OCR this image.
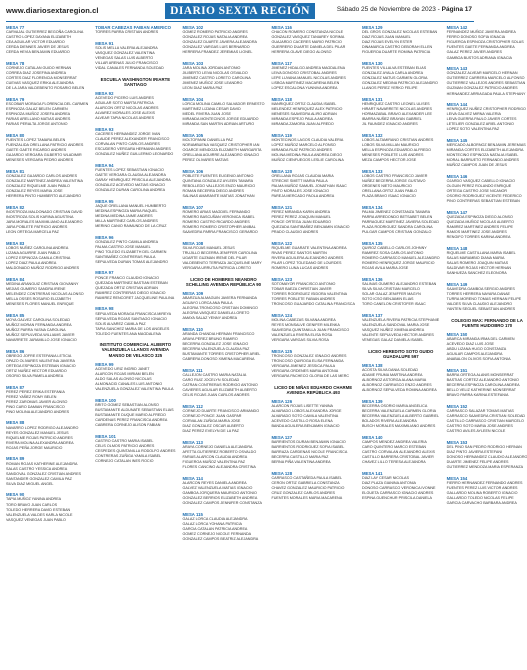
www.diariosextaregion.cl	DIARIO SEXTA REGIÓN	Sábado 25 de Noviembre de 2023 - Página 17
MESA 77
CARVAJAL GUTIERREZ BEGOÑA CAROLINA
CASTRO LOPEZ DAYANA ELIZABETH
CEA AGUILAR VICTOR EDUARDO
CERDA DIENNES JAVIER DE JESUS
CERDA HEVIA BENJAMIN EDUARDO
MESA 78
CORNEJO CATALAN GUIDO HERNAN
CORREA DIAZ JOSEFINA ANDREA
CORTES DIAZ FLORENCIA MONSERRAT
CUEVAS VASQUEZ ERIKA ALEJANDRA
DE LA JARA VALDEBENITO ROSARIO BELEN
MESA 79
ESCOBAR MORAGA FLORENCIA DEL CARMEN
ESPINOZA GALAZ BELEN CARMEN
ESPINOZA MUÑOZ JOSEFA ANDREA
FARIAS ARELLANO MATIAS ANDRES
FARIAS PERALTA JORGE ANTONIO
MESA 80
FUENTES LOPEZ TAMARA BELEN
FUENZALIDA ORELLANA PATRICIO ANDRES
GAETE GAETE RICARDO ANDRES
GAJARDO VERGARA GILBERTO WLADIMIR
MENESES VERGARA PEDRO ANDRES
MESA 81
GONZALEZ GAJARDO CARLOS ANDRES
GONZALEZ MARTINEZ ANDREA VALENTINA
GONZALEZ RIQUELME JUAN PABLO
GONZALEZ REYES MARIA JOSE
HERRERA PINTO HUMBERTO ALEJANDRO
MESA 82
INOSTROZA MALDONADO CRISTIAN DAVID
INOSTROZA SOLIS KARINA AGUSTINA
JARA MORALES MAXIMILIANO ALEJANDRO
JARA POBLETE PATRICIO ANDRES
LEON ORTEGA MARCELA PAZ
MESA 83
LOBOS NUÑEZ CAROLINA ANDREA
LIZANA AGUIRRE JUAN PABLO
LOPEZ ESPINOZA CAMILA CRISTINA
LOPEZ DIAZ PAULA ANDREA
MALDONADO MUÑOZ RODRIGO ANDRES
MESA 84
MEDINA ARANGUIZ CRISTIAN GIOVANNY
MEJIAS GUMERO SANDRA IRENE
MELENDEZ CONTRERAS NICOLAS ALONSO
MELLA OSSES ROSARIO ELIZABETH
MENESES FLORES MANUEL ENRIQUE
MESA 85
MOYA GALVEZ CAROLINA SOLEDAD
MUÑOZ MORAN FERNANDA ANDREA
MUÑOZ PARRA YASNA CAROLINA
MUÑOZ SEPULVEDA WILLIAMS JAVIER
NAVARRETE JARAMILLO JOSE IGNACIO
MESA 86
OBREGO JOFRE ESTEFANIA LETICIA
OPAZO OLIVARES VALENTINA JAVIERA
ORTEGA ESPINOZA ESTEBAN IGNACIO
ORTIZ NUÑEZ HECTOR EDUARDO
OSORIO SILVA PAMELA ANDREA
MESA 87
PEREZ PEREZ ERIKA ESTEFANIA
PEREZ YAÑEZ ROMY BELEN
PEREZ ZAROMAS JAVIER ALONSO
PINO CARO DAMIAN FRANCISCO
PINO MOLINA ALEJANDRO ANDRES
MESA 88
NAVARRO LOPEZ RODRIGO ALEJANDRO
REYES GONZALEZ MANUEL JESUS
RIQUELME ROJAS PATRICIO ANDRES
RIVERA MOLINA ALEXANDRA ANDREA
ROJAS PEÑA JORGE MAURICIO
MESA 89
ROMAN ROJAS KATHERINE ALEJANDRA
SALAS CASTRO YESSICA ANDREA
SANDOVAL GONZALEZ CRISTIAN ANDRES
SANTANDER GONZALEZ CAMILA PAZ
SILVA DIAZ MIGUEL ANGEL
MESA 90
TAPIA MUÑOZ YANINA ANDREA
TORO BRAVO JUAN CARLOS
TOLEDO HERRERA DAVID ESTEBAN
VALENZUELA VALDES KARLA NICOLE
VASQUEZ VENEGAS JUAN PABLO
TOBAR CABEZAS FABIAN AMERICO
TORRES PARRA CRISTIAN ANDRES
MESA 91
SOLIS MELLA VALERIA ALEJANDRA
VASQUEZ GONZALEZ VALENTINA
VENEGAS SALAS LUIS ALBERTO
VILLAR ARENAS JULIO FRANCISCO
VIDAL CANALES FERNANDA SOLEDAD
ESCUELA WASHINGTON IRIARTE SANTIAGO
MESA 92
ACEVEDO PICERO LUIS ANDRES
AGUILAR SOTO MARTA PATRICIA
ALARCON ORTIZ NICOLAS ANDRES
ALVAREZ MORALES JOSE ALEXIS
ALVEAR TAPIA NICOLAS ANDRES
MESA 93
CACERES HERNANDEZ JORGE IVAN
CLAUDE PEREZ ALEXANDER FRANCISCO
CORVALAN PINTO CARLOS ANDRES
ESCUDERO VERGARA HERMANN ANDRES
GONZALEZ NUÑEZ GUILLERMO LEONARDO
MESA 94
FUENTES LOPEZ SEBASTIAN IGNACIO
GAETE VERGARA CLAUDIA ALEJANDRA
GARAY HENRIQUEZ PRISCILA ALEJANDRA
GONZALEZ ACEVEDO MATIAS IGNACIO
GONZALEZ DURAN CAROLINA ANDREA
MESA 95
JAQUE ORELLANA MANUEL HUMBERTO
MEDINA ESPINOZA MARIA RAQUEL
MEDINA MEDINA JAIME ANDRES
MILLA MARTINEZ CARLOS ANDRES
MERINO CANIO RAIMUNDO DE LA CRUZ
MESA 96
GONZALEZ PINTO CAMILA ANDREA
PALMA CASTRO JOSE MANUEL
PINO TOLEDO ELIZABETH DEL CARMEN
SANTIBAÑEZ CONTRERAS PAULA
SEPULVEDA DURAN TOMAS ALEJANDRO
MESA 97
PONCE FRANCO CLAUDIO IGNACIO
QUEZADA MARTINEZ BASTIAN ESTEBAN
QUEZADA ORTIZ CRISTIAN ADRIAN
RAMIREZ CONTRERAS DIEGO IGNACIO
RAMIREZ RENCORET JACQUELINE PAULINA
MESA 98
SEPULVEDA MORAGA FRANCISCA MIREYA
SEPULVEDA ROJAS SANTIAGO IGNACIO
SOLIS ALVAREZ CAMILA PAZ
TAPIA SANCHEZ MARIA DE LOS ANGELES
TOLEDO FUENTES ANA MAGDALENA
INSTITUTO COMERCIAL ALBERTO VALENZUELA LLANOS AVENIDA MANSO DE VELASCO 325
MESA 99
ACEVEDO URIZ INGRID JANET
ALARCON ROJAS MIRIAM BELEN
ALDO SALAS ALONSO NICOLAS
ALMONACID CANALES LUIS ANTONIO
VALENZUELA GONZALEZ VALENTINA PAULA
MESA 100
BRITO GOMEZ SEBASTIAN ALONSO
BUSTAMANTE ALDUNATE SEBASTIAN ELIAS
BUSTAMANTE DUQUE MARIO ALFREDO
CARDENAS PEREZ FRANCISCA ANDREA
CABRERA CORNEJO ALISON FABIAN
MESA 101
CASTRO CASTRO MARIA ISABEL
CELIS OLMOS PATRICIO ANDRES
CESPEDES QUINTANILLA RODOLFO ANDRES
CONTRERAS ZUÑIGA YAMILA ISABEL
CORNEJO CATALAN INES ROCIO
MESA 102
GOMEZ ROMERO PATRICIO ANDRES
GONZALEZ ROJAS NATALIA ANDREA
GONZALEZ DUARTE JAVIERA ALEJANDRA
GONZALEZ VARGAS LUIS BERNARDO
HERRERA FRANDEZ JEREMIAS LIONEL
MESA 103
JARA MOLINA JORDAN ANTONIO
JILIBERTO LEIVA NICOLAS OSVALDO
JIMENEZ CASTRO LORETO CAROLINA
JIMENEZ MUÑOZ JOSE LEANDRO
LEON DIAZ MARIA PAZ
MESA 104
LORCA MOLINA CAMILO SALVADOR ERNESTO
MARTINEZ LIZANA CESAR DAVID
MEDEL RIVERA JUAN JOSE
MIRANDA MONTECINOS JORGE EDUARDO
MIRANDA SAN MARTIN ADRIAN ARTURO
MESA 105
MOLTOPANNI DANIELLA PAZ
NORAMBUENA VASQUEZ CRISTOPHER IAN
OGARCE MENDOZA ELIZABETH MARGARITA
ORELLANA AGUIRRE ALEJANDRO IGNACIO
PEREZ OLIVARES MATIAS
MESA 106
POBLETE FUENTES EUGENIO ANTONIO
QUINTANA GONZALEZ AYLEEN TAMARA
REBOLLEDO VALLEJOS ENZO MAURICIO
ROMAN BECERRA DIEGO ANDRES
SALINAS AMARANTE MATIAS JONATHAN
MESA 107
ROMERO ARIAS MAGDIEL FERNANDO
ROMERO BASCUÑAN VERONICA ISABEL
ROMERO CASTRO RICARDO ANDRES
ROMERO ROMERO CRISTOPHER ANIBAL
SAAVEDRA PARRA FRANCISCO GERARDO
MESA 108
SILVA ROJAS MANUEL JESUS
TRUJILLO BECERRA JENIFFER CAROLINA
UGARTE GUZMAN IRENE DEL PILAR
VALDEBENITO TERRAZA JACQUELINE MARY
VERGARA URRUTIA PATRICIA LORETO
LICEO DE HOMBRES NEANDRO SCHILLING AVENIDA REPÚBLICA 90
MESA 109
ABARZUA ALMAGUIN JAVIERA FERNANDA
AGUAYO LORCA ANA PAULA
ALEGRIA TRONCOSO CRISTIAN DOMINGO
ALEGRIA VASQUEZ DANIELA LORETO
AMAYA SALAZ YENNY ANDREA
MESA 110
ARANDA CHANDIA HERNAN FRANCISCO
ARAYA PEREZ BRUNO RAMIRO
BECERRA GONZALEZ JOSE IGNACIO
BECERRA VALENZUELA CLAUDIA PAZ
BUSTAMANTE TORRES CRISTOPHER ARIEL
CABRERA DONOSO XIMENA MACARENA
MESA 111
CALLEJON CASTRO MARIA NATALIA
CARO RUIZ JOCELYN SOLEDAD
CATRAN CONTRERAS RODRIGO ANTONIO
CAVIERES AGUILAR ELIZABETH ALBERTO
CELIS ROJAS JUAN CARLOS ANDRES
MESA 112
CORNEJO DUARTE FRANCISCO ARMANDO
CORNEJO PONCE JUAN GASPAR
CORVALAN ZUÑIGA MARIA JOSE
DIAZ GONZALEZ OSCAR ALBERTO
DIAZ PEREZ EVELYN DE LA PAZ
MESA 113
ARAYA CORNEJO DANIELA ALEJANDRA
AFETTA GUTIERREZ ROBERTO OSVALDO
FARIAS ALARCON CLAUDIA ANDREA
FIGUEROA MUÑOZ VALENTINA PAZ
FLORES CANCINO ALEJANDRA CRISTINA
MESA 114
ALARCON REYES DANIELA ANDREA
GALVEZ VALENZUELA MATIAS IGNACIO
GAMBOA JORQUERA MAURICIO ANTONIO
GONZALEZ BERRIOS ELIZABETH ANDREA
GONZALEZ CAMPOS JENNIFER CONSTANZA
MESA 115
GALAZ LORCA CLAUDIA ALEJANDRA
GALAZ LORCA YOHANA PATRICIA
GARCIA CATALAN PATRICIA ANDREA
GOMEZ CORNEJO NICOLE FERNANDA
GONZALEZ CAMPOS BEATRIZ ALEJANDRA
MESA 116
CHACON ROMERO CONSTANZA NICOLE
GONZALEZ VASQUEZ TANIAREY SORIMA
GUAJARDO CACERES MARIO PATRICIO
GUERRERO DUARTE DANIELA DEL PILAR
HERRERA OLAVE DIEGO ALONSO
MESA 117
JIMENEZ HIDALGO ANDREA MAGDALENA
LEIVA DONOSO CRISTOBAL ANDRES
LEPE LUVANA MANUEL NICOLAS ANDRES
LISBOA MARTINEZ MACARENA BELEN
LOPEZ ESCALONA YUNNIVA ANDREA
MESA 118
MANRIQUEZ ORTIZ CLAUDIA ISABEL
MELENDEZ HENRIQUEZ ALEX PATRICIO
MENESES SAAVEDRA ALIRO ADRIAN
MIRANDA ESPEJO PAULA ANDREA
MIRANDA ZAMORA JUAN ALFREDO
MESA 119
MONTECINOS LAGOS CLAUDIA VALERIA
LOPEZ MUÑOZ MARCELO ALFONSO
MIRANDA RUIZ PATRICIO ANDRES
MOLINA MEDINA PAULA ANDREA DIEGO
MUÑOZ CIENFUEGOS LESLIE CAROLINA
MESA 120
ORELLANA ROJAS CLAUDIA MARIA
STRECKE SMETT MARIA PAULA
PALMA MUÑOZ SAMUEL JONATHAN ISAAC
PINTO MORALES JOSE IGNACIO
PAREJA MERCADO PAOLA ANDREA
MESA 121
PEREZ MIRANDA KARIN ANDREA
PEREZ PEREZ JOAQUIN MANUEL
PONCE ORTEGA JUAN EDUARDO
QUEZADA SANTIBAÑEZ BENJAMIN IGNACIO
PRADO CLAUDIO ANDRES
MESA 122
RIQUELME GUARATE VALENTINA ANDREA
RIVAS PEREZ SANTOS MARTIN
RIVERA AGUILERA ALEJANDRO ANDRES
PILAR LOPEZ TOLEDANO DE LOURDES
ROMERO LUNA LUCAS ANDRES
MESA 123
SOTOMAYOR FRANCISCO ANTONIO
TOBAR BAEZA CHRISTIAN JAVIER
TORRES RODRIGUEZ ISIDORA VALENTINA
TORRES POBLETE FABIAN ANDRES
TRONCOSO GUAJARDO CATALINA FRANCISCA
MESA 124
MOLINA CABEZAS SILVANA ANDREA
REYES MONSALVE GENIFER MILENKA
SAAVEDRA QUINTANILLA JUAN FRANCISCO
VALENZUELA RIVERA ELISA ROSA
VERGARA VARGAS SILVIA ROSA
MESA 125
TRONCOSO GONZALEZ IGNACIO ANDRES
TRONCOSO QUIROGA ELISA FERNANDA
VERGARA JIMENEZ JESSICA PAULA
VERGARA ORDENES MARIA ANTONIA
VERGARA PACHECO GLORIA DE LAS MERC
LICEO DE NIÑAS EDUARDO CHARME AVENIDA REPÚBLICA 493
MESA 126
ALARCON ROJAS LISETTE YANINA
ALVARADO LOBOS ALEXANDRA JORGE
ALVARADO SOTO CAMILA VALENTINA
ACEVEDO CASTILLO ROSA ELENA
BANDA AGUILERA BENJAMIN IGNACIO
MESA 127
BARRIENTOS DURAN BENJAMIN IGNACIO
BARRIENTOS RODRIGUEZ SOFIA ISABEL
BARRAZA CARDENAS NICOLE FRANCISCA
BECERRA CASTILLO MARIA PAZ
BERNA PIÑA VALENTINA ANDREA
MESA 128
CARRASCO CASTAÑEDA PAULA ISABEL
CERON ORTIZ GABRIELA CONSTANZA
CHAVEZ GONZALEZ MAURICIO PATRICIO
CRUZ GONZALEZ CARLOS ANDRES
FUENTES MORALES MARIA MACARENA
MESA 129
DEL GROS GONZALEZ NICOLAS ESTEBAN
DIAZ ROJAS JUAN MANUEL
DIAZ ROJAS EVELYN ESTER
DINAMARCA CASTRO DEBORAH ELLEN
FIGUEROA DUARTE ROMINA PATRICIA
MESA 130
FUENTES VILLALVA ESTEBAN ELIAS
GONZALEZ AYALA CARLA ANDREA
GONZALEZ MATUS CARMEN GLORIA
GONZALEZ MEDINA PATRICIO ALEJANDRO
LLANOS PEREZ YERKO FELIPE
MESA 131
HENRIQUEZ CASTRO LEONEL ULISES
HIRART NAVARRETE NICOLAS ANDRES
HORMAZABAL BRAVO ALEXANDER LEE
IBARRA NUÑEZ BRAYAN GABRIEL
JIL FAUNDEZ IGNACIO ANDRES
MESA 132
LOBOS ALTAMIRANO CRISTIAN ANDRES
LOBOS SILVA MILLAN MAURICIO
MELLA ESPINOZA EDUARDO ALFREDO
MENESES POBLETE LUIS ANDRES
MEZA CAMPOS HECTOR JOSE
MESA 133
LOBOS CASTRO FRANCISCO JAVIER
NUÑEZ BECERRA JORGE GUSTAVO
ORDENES NIETO MAURICIO
ORELLANA ORTIZ JUAN PABLO
PLAZA BRAVO ISAAC IGNACIO
MESA 134
PALMA JIMENEZ CONSTANZA TAMARA
PARRA ARREDONDO BETSABET BELEN
PARRAGUEZ MARTINEZ JAVIERA SOLEDAD
PLAZA RODRIGUEZ SANDRA CAROLINA
PULGAR CAMPOS CRISTIAN GONZALO
MESA 135
QUIROZ CABELLO CARLOS JOHNNY
RAMIREZ SOSA CARLOS ANTONIO
ROMERO CARRASCO MANUEL ALEJANDRO
ROMERO HENRIQUEZ JORGE MAURICIO
ROJAS AVILA MARIA JOSE
MESA 136
SALINAS GUMERO ALEJANDRO ESTEBAN
SILVA SILVA CRISTIAN MARCELO
SOLAR GALAZ JENIFFER MAGYN
SOTO ICSO BENJAMIN ELIAS
TORO CANELON CRISTOFER ISAAC
MESA 137
VALENZUELA RIVERA PATRICIA STEPHANIE
VALENZUELA SANDOVAL MARIA JOSE
VASQUEZ NUÑEZ XIMENA ANDREA
VALENTE SEPULVEDA HECTOR ANDRES
VENEGAS GALAZ DANIELA ISABEL
LICEO HEREDITO SOTO GUIDO GUADALUPE 597
MESA 138
ACOSTA SILVA DANIA SOLEDAD
ADAME FRUMA MARTINA ANDREA
ALBORNOZ ASTORGA ALANA MARIA
ALBORNOZ CARRASCO ENZO ANDRES
ALBORNOZ SEPULVEDA ROMINA ANDREA
MESA 139
BECERRA OSORIO MARIA ANGELICA
BECERRA VALENZUELA CARMEN GLORIA
BECERRA VALENZUELA ALBERTO GABRIEL
BOLADOS RIVERA ALEJANDRA
BUSCH MORALES MAXIMILIANO ANDRES
MESA 140
CAMPOS MENDEZ ANDREA VALERIA
CARO QUINTERO MARCO ESTEBAN
CASTRO CORVALAN ALEJANDRO ALEXIS
CASTILLO BARRERA CRISTOBAL JAVIER
CHAVEZ LILLO TERESA ALEJANDRA
MESA 141
DIAZ LAY CESAR NICOLAS
DIAZ PLAZA GIANINA ANTONIA
DONOSO CARRASCO VERONICA IVONNE
ELGUETA CARRASCO IGNACIO ANDRES
ESPINA GUENCHUR PRISCILA DANIELA
MESA 142
FERNANDEZ MUÑOZ JAVIERA ANDREA
FERRO DONOSO SOFIA IGNACIA
FIGUEROA ESPINOZA CRISTOPHER SOLAS
FUENTES GAETE FERNANDA ANDREA
GALAZ PEREZ JAVIER ANDRES
GAMBOA BUSTOS ADRIANA IGNACIA
MESA 143
GONZALEZ ALVEAR MARCELO HERNAN
GUTIERREZ CARRERA MARCELO ALFONSO
GUTIERREZ VALLEJOS ANDRES SEBASTIAN
GUZMAN GONZALEZ PATRICIO ANDRES
HERNANDEZ ARRIAGADA PAULA STEPHANY
MESA 144
HENRIQUEZ NUÑEZ CRISTOPHER RODRIGO
LEIVA GALVEZ MIRNA VALERIA
LEIVA GUERRA PAULO JAVIER CORTES
LETELIER GONZALEZ ARIEL ANTONIO
LOPEZ SOTO VALENTINA PAZ
MESA 145
MERCADO ALBORNOZ BENJAMIN JEREMIAS
MIRANDA CORTES ELIZABETH ALEJANDRA
MONTECINO ESPINOZA NATALIA ISABEL
MORAL BARRUETO FERNANDO ANDRES
MUÑOZ CAMPOS JUAN DE JESUS
MESA 146
OJARDO VASQUEZ CABELLO IGNACIO
OLGUIN PEREZ ROLANDO ENRIQUE
ORTEGA CASTRO JOSE NICANOR
OSORIO RODRIGUEZ VICENTE FEDERICO
PINO CONTRERAS SEBASTIAN ESTEBAN
MESA 147
QUEZADA ESPINOZA DIEGO ALONSO
QUEZADA MUÑOZ NICOLAS ALBERTO
RAMIREZ MARTINEZ ANDRES FELIPE
RAMOS MARTINEZ JOSE ANDRES
RENGIFO TORRES KARINA ANDREA
MESA 148
RIQUELME CASTILLANA MARIA ISABEL
SALAS MARAMBIO DIANA MARIA
SALAS ROMERO JOAQUIN MATIAS
SALDIVAR ROJAS HECTOR HERNAN
SANHUEZA SANCHEZ ELEONORA
MESA 149
SAAVEDRA GAMBOA SERGIO ANDRES
TORRES HERRERA NAYARA DANAE
TURRA MORENO TOMAS HERNAN FELIPE
VALDES SILVA CLAUDIO ALEJANDRO
YANTEN SEGUEL SEBASTIAN ANDRES
COLEGIO MAX: FERNANDO DE LA FUENTE HUIDOBRO 170
MESA 150
ABARCA MIRANDA IRMA DEL CARMEN
ACEVEDO DIAZ LUIS JOSE
ABDU LIZANA HUGO CONSTANZA
AGUILAR CAMPOS ALEJANDRA
ANABALON OLIVOS SOFIA ANTONIA
MESA 151
BARRA ORTEGA ALANIS MONSERRAT
BASTIAS CORTEZ ALEJANDRO ANTONIO
BECERRA ESPINOZA CAROLINA ANDREA
BELLO VELIZ KATHERINE MONSERRAT
BRAVO PARRA KARINA ESTEFANIA
MESA 152
CARRASCO SALAZAR TOMAS MATIAS
CARRASCO SAAVEDRA CRISTIAN SOLEDAD
CASTILLO CARRASCO CRISTIAN MARCELO
CASTRO SOTO MARIA JOSE ANDRES
CASTRO AVILES AYLEEN NICOLE
MESA 153
DEL PINO SAN PEDRO RODRIGO HERNAN
DIAZ PINTO JAVIERA ESTEFANI
DONOSO HERNANDEZ CLAUDIO ALEJANDRO
DUARTE JIMENEZ FELIPE ANDRES
GUTIERREZ MENDOZA MARIA ESPERANZA
MESA 154
FIERRO HERNANDEZ FERNANDO ANDRES
FUENTES PEREZ LUIS VICTOR ANDRES
GALLARDO MOLINA ROBERTO IGNACIO
GALLARDO TOLEDO NICOLAS FELIPE
GARCIA CARVACHO BARBARA ANDREA
